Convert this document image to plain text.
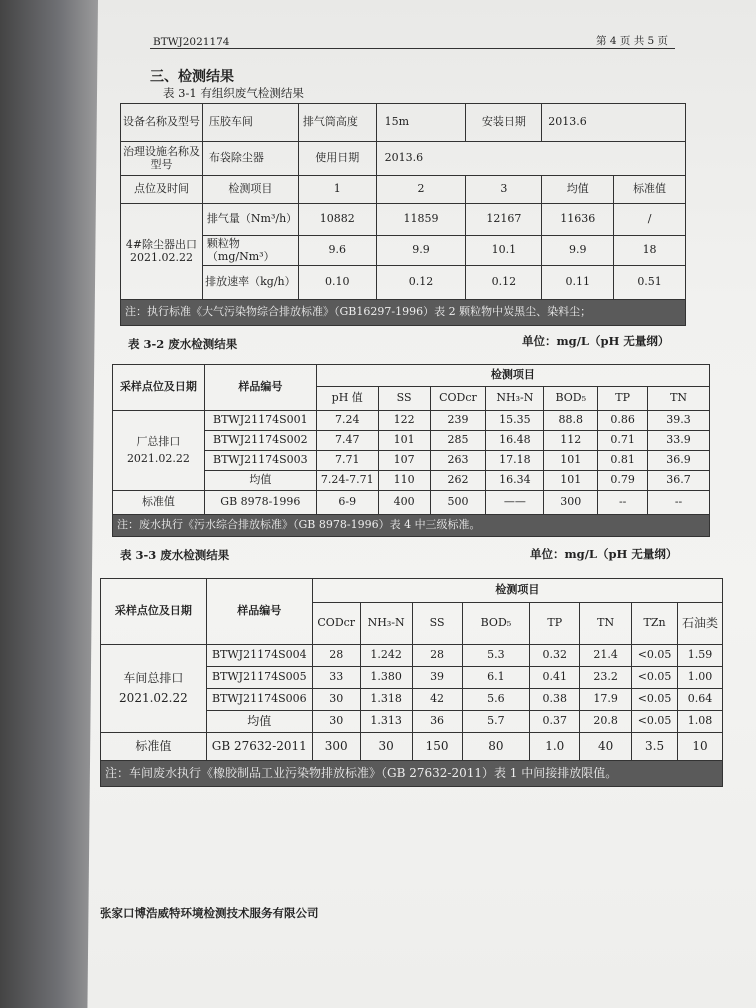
BTWJ2021174	第 4 页 共 5 页
三、检测结果
表 3-1 有组织废气检测结果
设备名称及型号	压胶车间	排气筒高度	15m	安装日期	2013.6	
治理设施名称及型号	布袋除尘器	使用日期	2013.6			
点位及时间	检测项目	1	2	3	均值	标准值

4#除尘器出口
2021.02.22	排气量（Nm³/h）	10882	11859	12167	11636	/
	颗粒物（mg/Nm³）	9.6	9.9	10.1	9.9	18
	排放速率（kg/h）	0.10	0.12	0.12	0.11	0.51
注：执行标准《大气污染物综合排放标准》（GB16297-1996）表 2 颗粒物中炭黑尘、染料尘；						
表 3-2 废水检测结果	单位：mg/L（pH 无量纲）
采样点位及日期	样品编号	检测项目						
		pH 值	SS	CODcr	NH₃-N	BOD₅	TP	TN

厂总排口
2021.02.22	BTWJ21174S001	7.24	122	239	15.35	88.8	0.86	39.3
	BTWJ21174S002	7.47	101	285	16.48	112	0.71	33.9
	BTWJ21174S003	7.71	107	263	17.18	101	0.81	36.9
	均值	7.24-7.71	110	262	16.34	101	0.79	36.7
标准值	GB 8978-1996	6-9	400	500	——	300	--	--
注：废水执行《污水综合排放标准》（GB 8978-1996）表 4 中三级标准。								
表 3-3 废水检测结果	单位：mg/L（pH 无量纲）
采样点位及日期	样品编号	检测项目							
		CODcr	NH₃-N	SS	BOD₅	TP	TN	TZn	石油类

车间总排口
2021.02.22	BTWJ21174S004	28	1.242	28	5.3	0.32	21.4	<0.05	1.59
	BTWJ21174S005	33	1.380	39	6.1	0.41	23.2	<0.05	1.00
	BTWJ21174S006	30	1.318	42	5.6	0.38	17.9	<0.05	0.64
	均值	30	1.313	36	5.7	0.37	20.8	<0.05	1.08
标准值	GB 27632-2011	300	30	150	80	1.0	40	3.5	10
注：车间废水执行《橡胶制品工业污染物排放标准》（GB 27632-2011）表 1 中间接排放限值。									
张家口博浩威特环境检测技术服务有限公司
